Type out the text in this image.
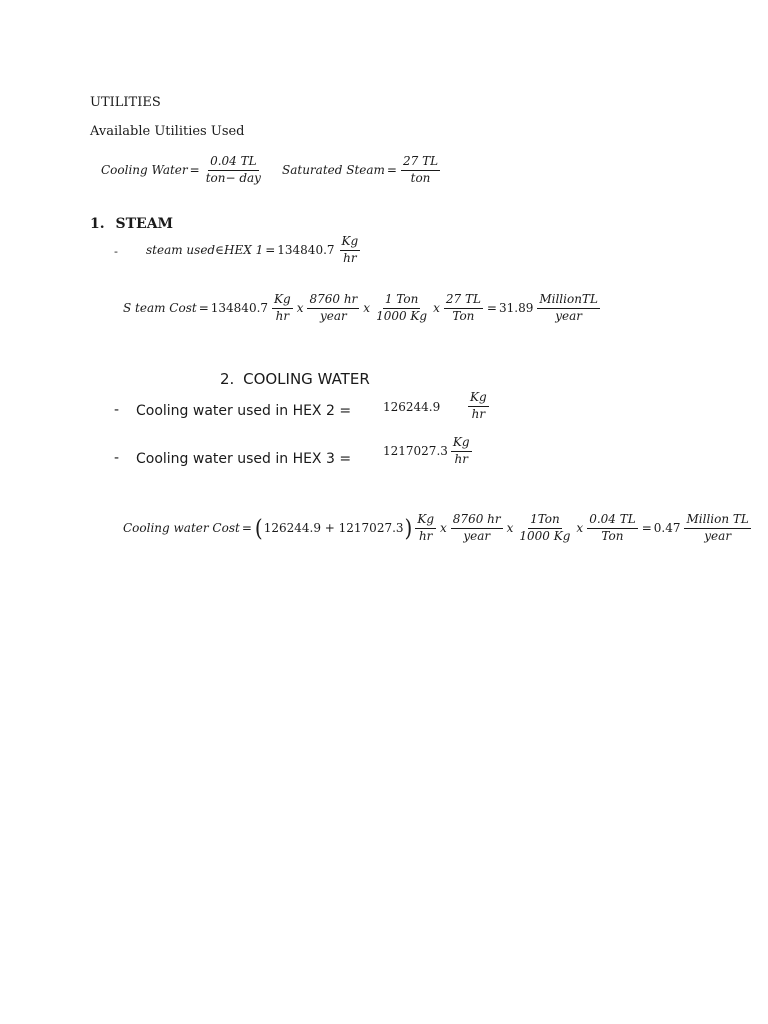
UTILITIES
Available Utilities Used
Cooling Water = $\frac{0.04 TL}{\text{ton− day}}$ Saturated Steam = $\frac{27 TL}{\text{ton}}$
1. STEAM
- steam used∈HEX $1 = 134840.7 \frac{Kg}{hr}$
S team Cost = $134840.7 \frac{Kg}{hr}$ x $\frac{8760 hr}{\text{year}}$ x $\frac{\text{1 Ton}}{1000 Kg}$ x $\frac{27 TL}{\text{Ton}} = 31.89 \frac{\text{MillionTL}}{\text{year}}$
2. COOLING WATER
- Cooling water used in HEX 2 =	$126244.9 \frac{Kg}{hr}$
- Cooling water used in HEX 3 =	$1217027.3 \frac{Kg}{hr}$
Cooling water Cost = ( 126244.9 + 1217027.3 ) $\frac{Kg}{hr}$ x $\frac{8760 hr}{\text{year}}$ x $\frac{\text{1Ton}}{1000 Kg}$ x $\frac{0.04 TL}{\text{Ton}} = 0.47 \frac{\text{Million TL}}{\text{year}}$
